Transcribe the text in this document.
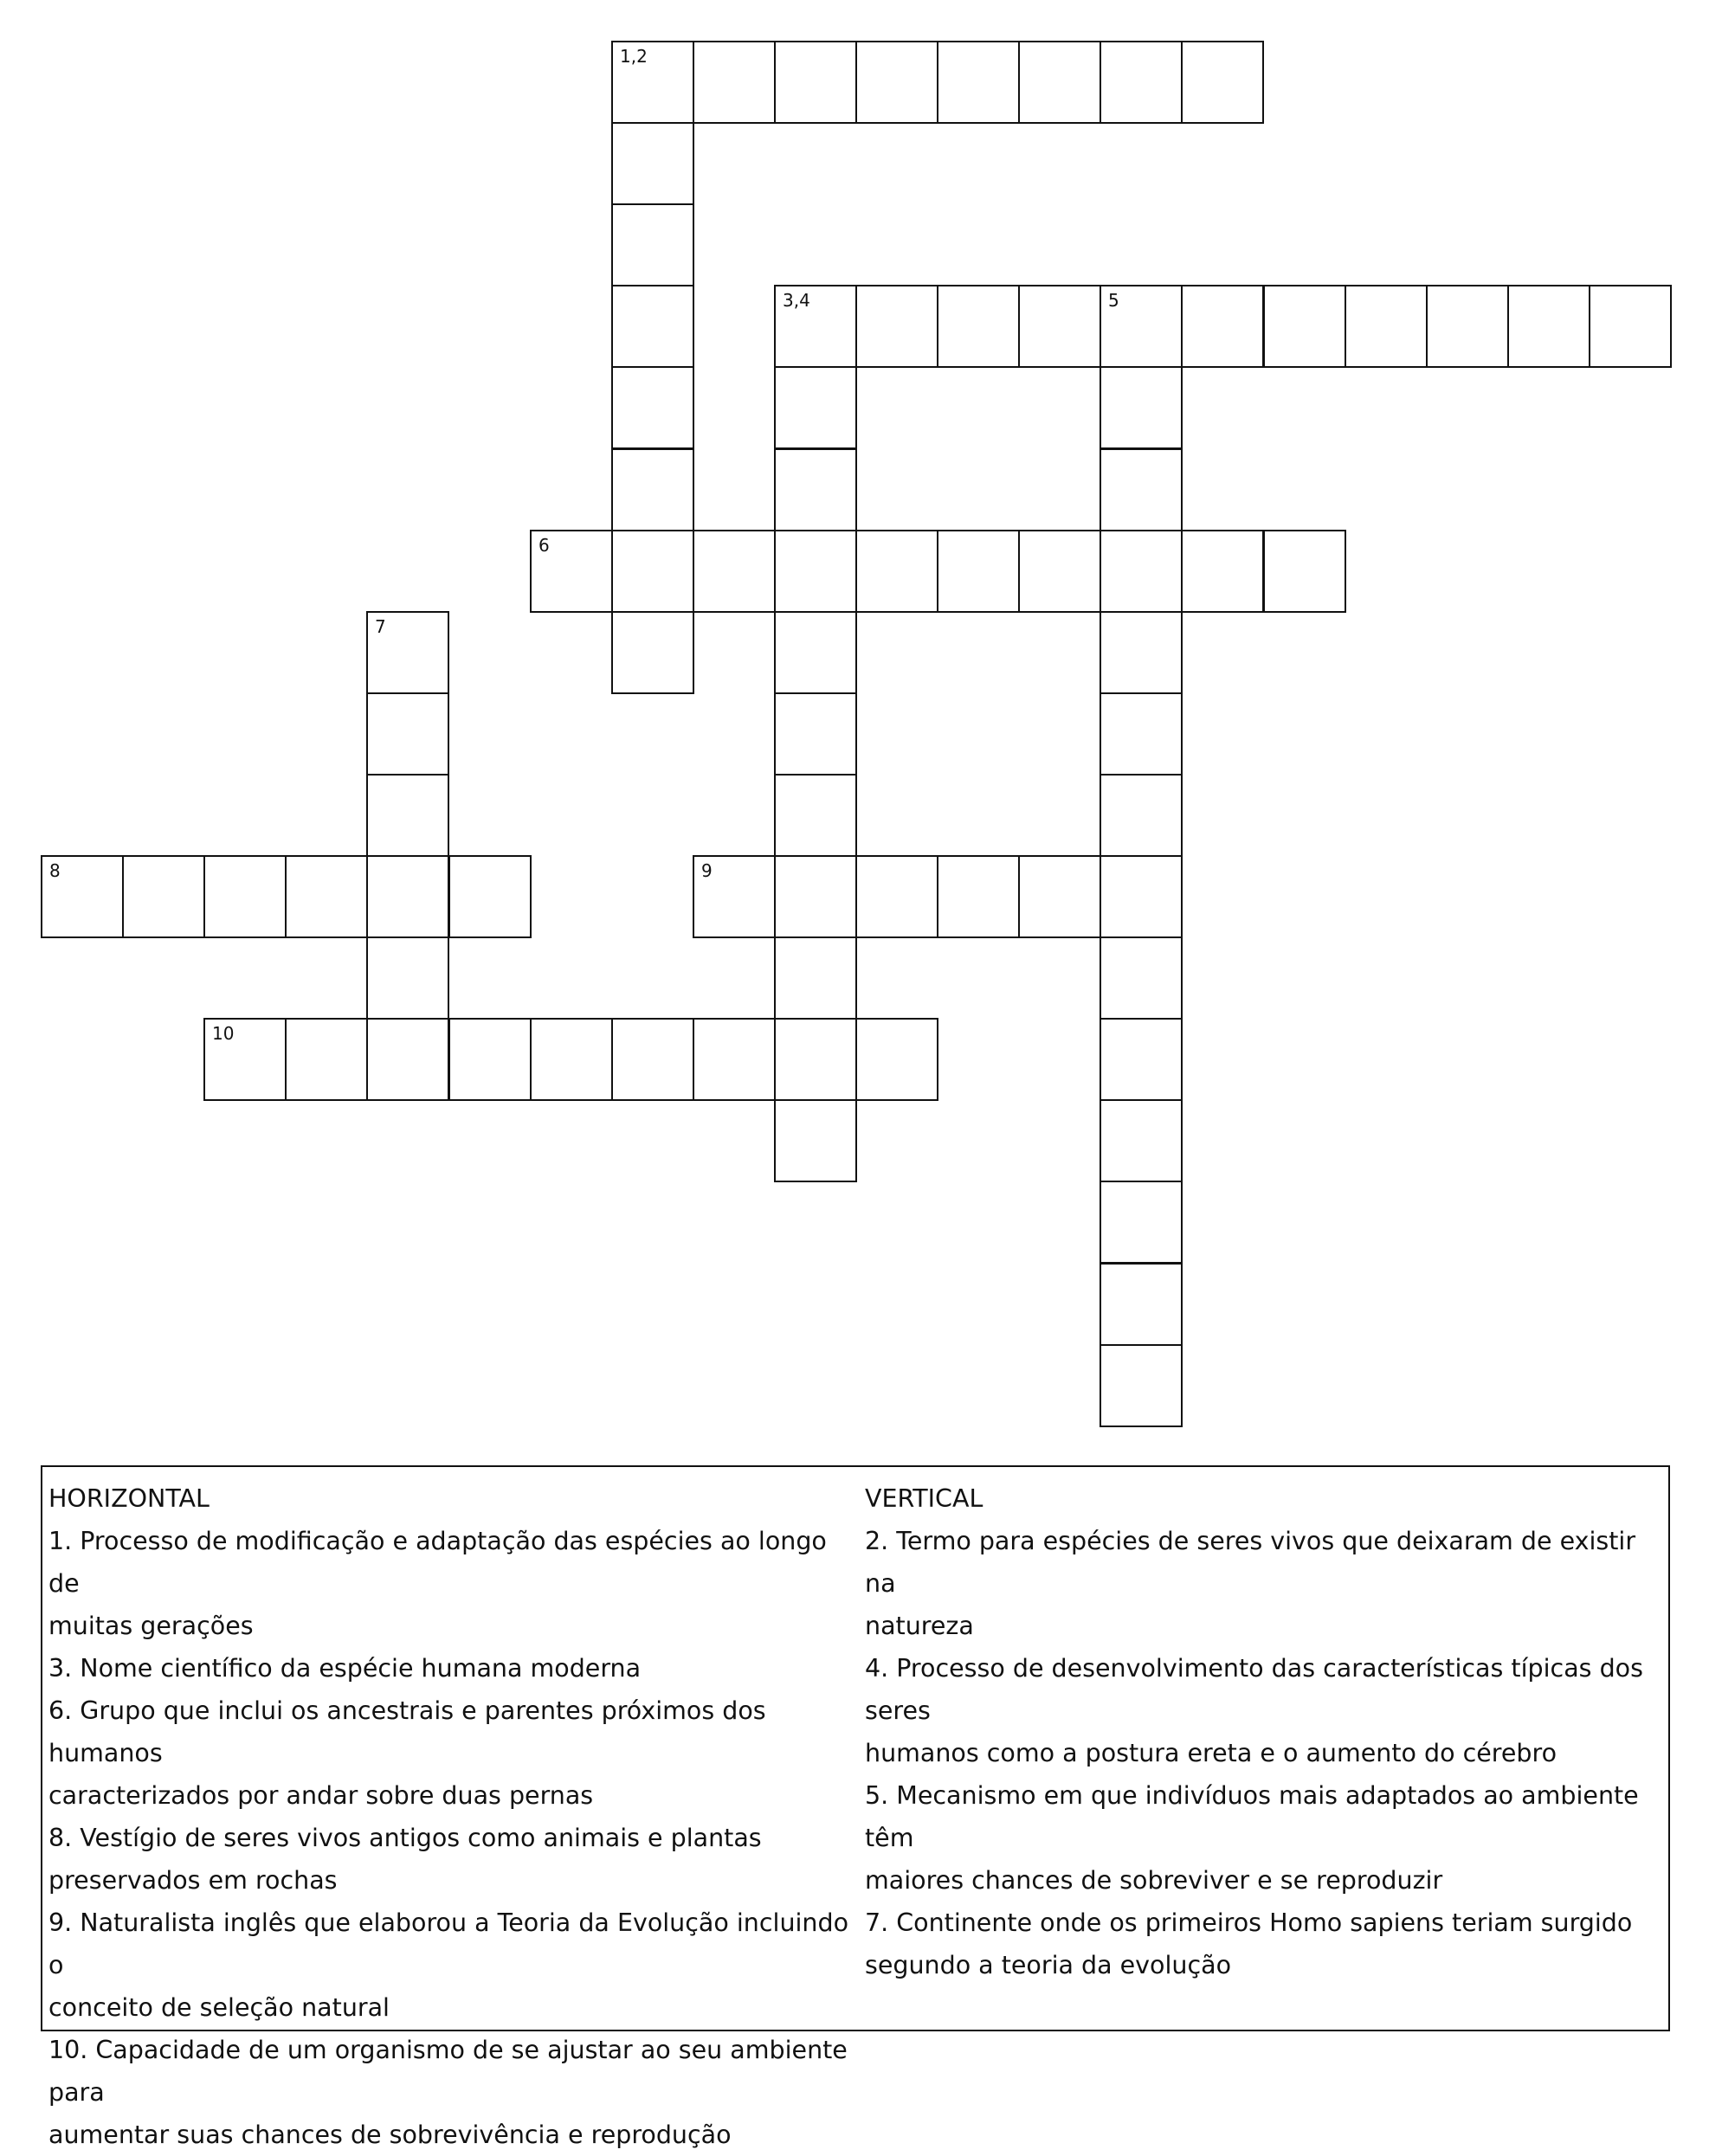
1,2
3,4	5
6
7
8	9
10

HORIZONTAL

1. Processo de modificação e adaptação das espécies ao longo de

muitas gerações

3. Nome científico da espécie humana moderna

6. Grupo que inclui os ancestrais e parentes próximos dos humanos

caracterizados por andar sobre duas pernas

8. Vestígio de seres vivos antigos como animais e plantas

preservados em rochas

9. Naturalista inglês que elaborou a Teoria da Evolução incluindo o

conceito de seleção natural

10. Capacidade de um organismo de se ajustar ao seu ambiente para

aumentar suas chances de sobrevivência e reprodução

VERTICAL

2. Termo para espécies de seres vivos que deixaram de existir na

natureza

4. Processo de desenvolvimento das características típicas dos seres

humanos como a postura ereta e o aumento do cérebro

5. Mecanismo em que indivíduos mais adaptados ao ambiente têm

maiores chances de sobreviver e se reproduzir

7. Continente onde os primeiros Homo sapiens teriam surgido

segundo a teoria da evolução
